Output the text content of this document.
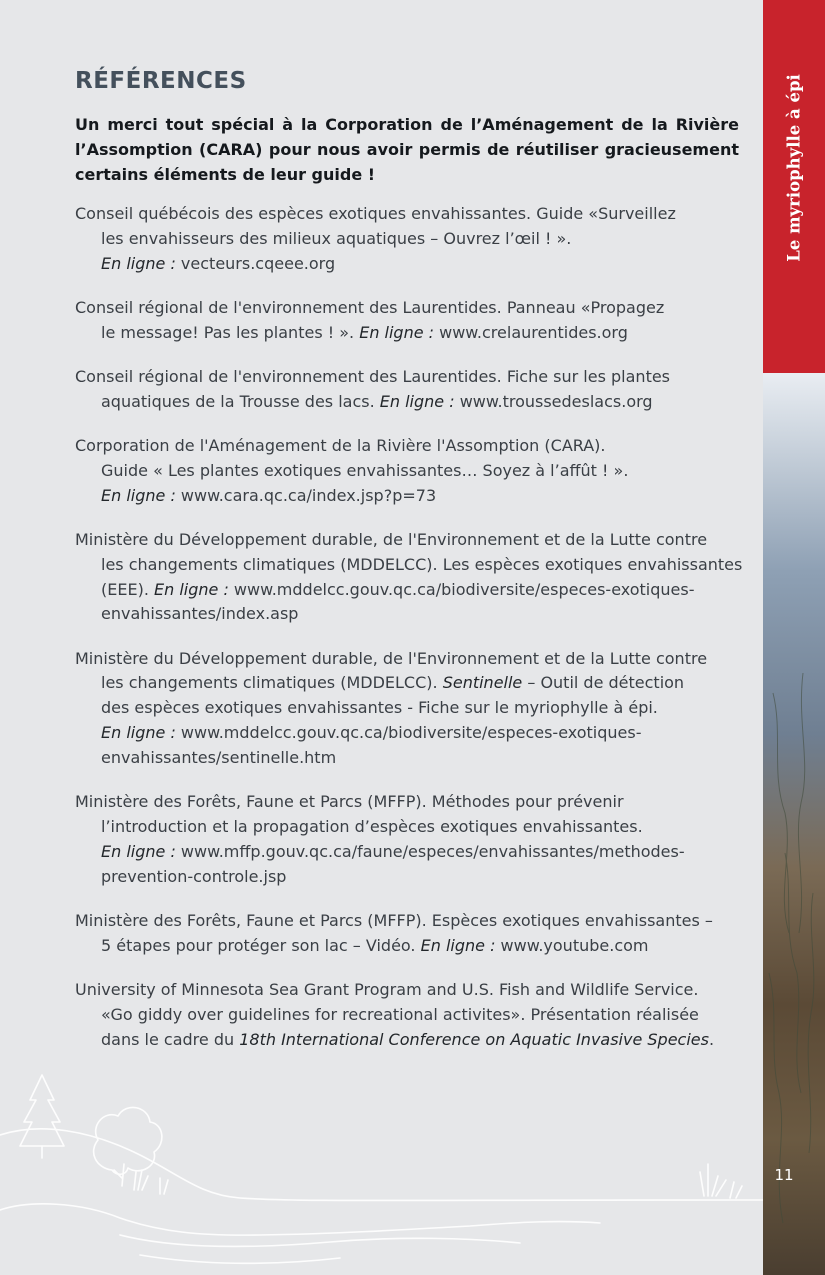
RÉFÉRENCES

Un merci tout spécial à la Corporation de l’Aménagement de la Rivière l’Assomption (CARA) pour nous avoir permis de réutiliser gracieusement certains éléments de leur guide !

Conseil québécois des espèces exotiques envahissantes. Guide «Surveillez
les envahisseurs des milieux aquatiques – Ouvrez l’œil ! ».
En ligne : vecteurs.cqeee.org
Conseil régional de l'environnement des Laurentides. Panneau «Propagez
le message! Pas les plantes ! ». En ligne : www.crelaurentides.org
Conseil régional de l'environnement des Laurentides. Fiche sur les plantes
aquatiques de la Trousse des lacs. En ligne : www.troussedeslacs.org
Corporation de l'Aménagement de la Rivière l'Assomption (CARA).
Guide « Les plantes exotiques envahissantes… Soyez à l’affût ! ».
En ligne : www.cara.qc.ca/index.jsp?p=73
Ministère du Développement durable, de l'Environnement et de la Lutte contre
les changements climatiques (MDDELCC). Les espèces exotiques envahissantes
(EEE). En ligne : www.mddelcc.gouv.qc.ca/biodiversite/especes-exotiques-
envahissantes/index.asp
Ministère du Développement durable, de l'Environnement et de la Lutte contre
les changements climatiques (MDDELCC). Sentinelle – Outil de détection
des espèces exotiques envahissantes - Fiche sur le myriophylle à épi.
En ligne : www.mddelcc.gouv.qc.ca/biodiversite/especes-exotiques-
envahissantes/sentinelle.htm
Ministère des Forêts, Faune et Parcs (MFFP). Méthodes pour prévenir
l’introduction et la propagation d’espèces exotiques envahissantes.
En ligne : www.mffp.gouv.qc.ca/faune/especes/envahissantes/methodes-
prevention-controle.jsp
Ministère des Forêts, Faune et Parcs (MFFP). Espèces exotiques envahissantes –
5 étapes pour protéger son lac – Vidéo. En ligne : www.youtube.com
University of Minnesota Sea Grant Program and U.S. Fish and Wildlife Service.
«Go giddy over guidelines for recreational activites». Présentation réalisée
dans le cadre du 18th International Conference on Aquatic Invasive Species.
Le myriophylle à épi
11
